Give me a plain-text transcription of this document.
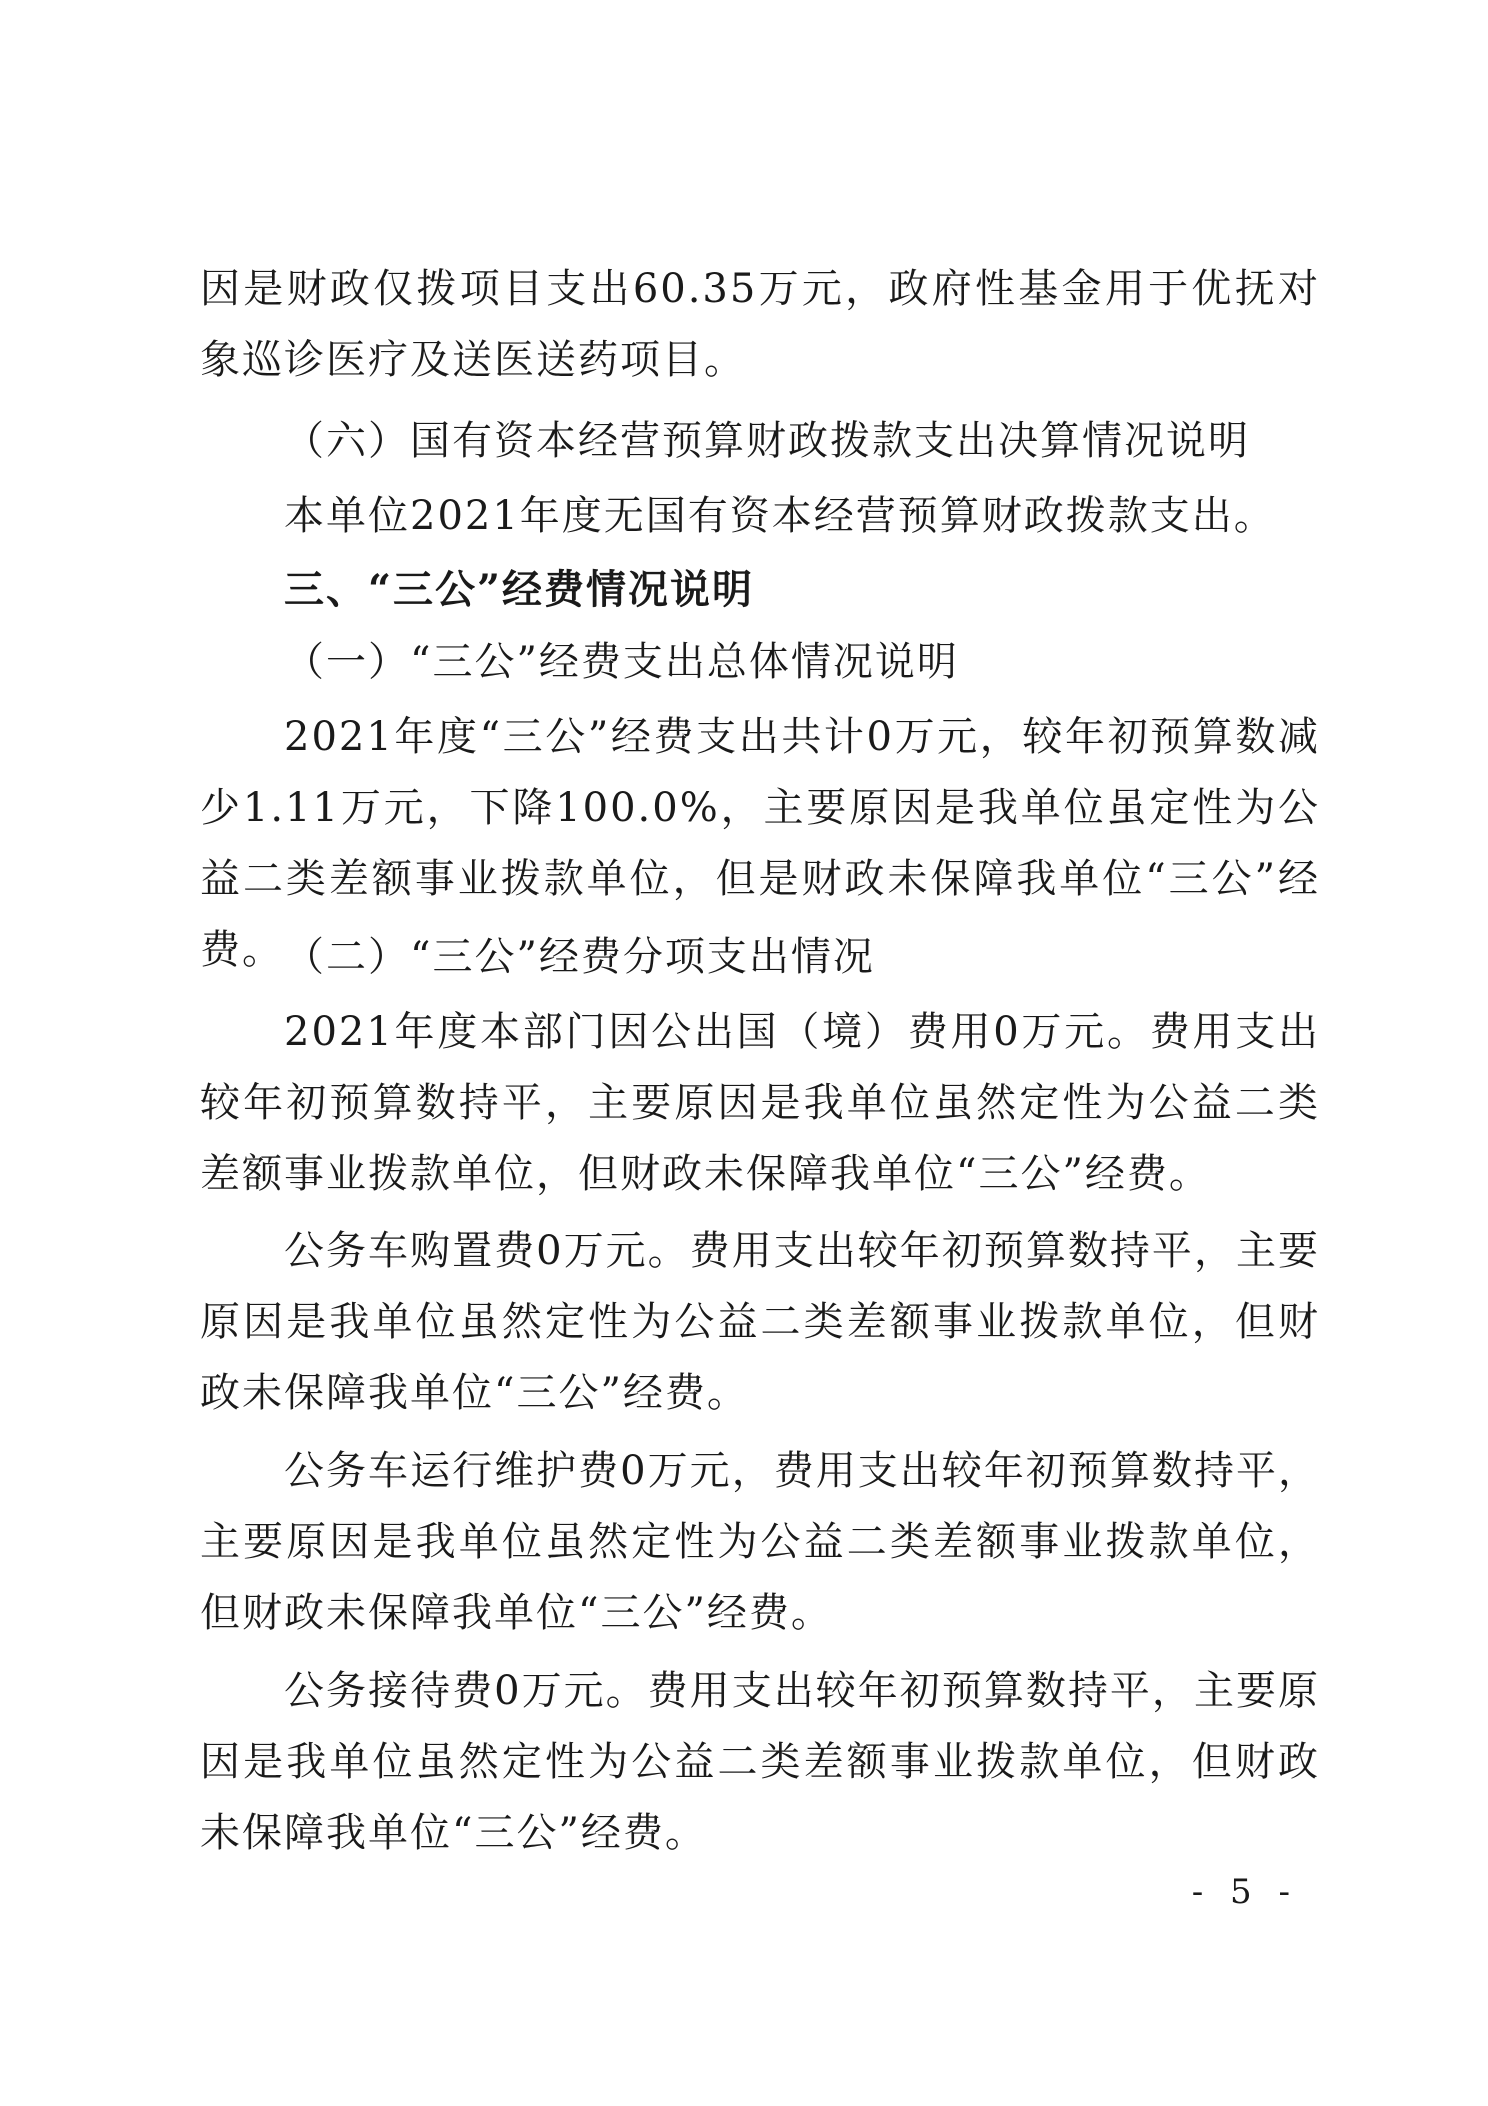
因是财政仅拨项目支出60.35万元，政府性基金用于优抚对象巡诊医疗及送医送药项目。

（六）国有资本经营预算财政拨款支出决算情况说明

本单位2021年度无国有资本经营预算财政拨款支出。

三、“三公”经费情况说明

（一）“三公”经费支出总体情况说明

2021年度“三公”经费支出共计0万元，较年初预算数减少1.11万元，下降100.0%，主要原因是我单位虽定性为公益二类差额事业拨款单位，但是财政未保障我单位“三公”经费。 （二）“三公”经费分项支出情况

2021年度本部门因公出国（境）费用0万元。费用支出较年初预算数持平，主要原因是我单位虽然定性为公益二类差额事业拨款单位，但财政未保障我单位“三公”经费。

公务车购置费0万元。费用支出较年初预算数持平，主要原因是我单位虽然定性为公益二类差额事业拨款单位，但财政未保障我单位“三公”经费。

公务车运行维护费0万元，费用支出较年初预算数持平，主要原因是我单位虽然定性为公益二类差额事业拨款单位，但财政未保障我单位“三公”经费。

公务接待费0万元。费用支出较年初预算数持平，主要原因是我单位虽然定性为公益二类差额事业拨款单位，但财政未保障我单位“三公”经费。

- 5 -
